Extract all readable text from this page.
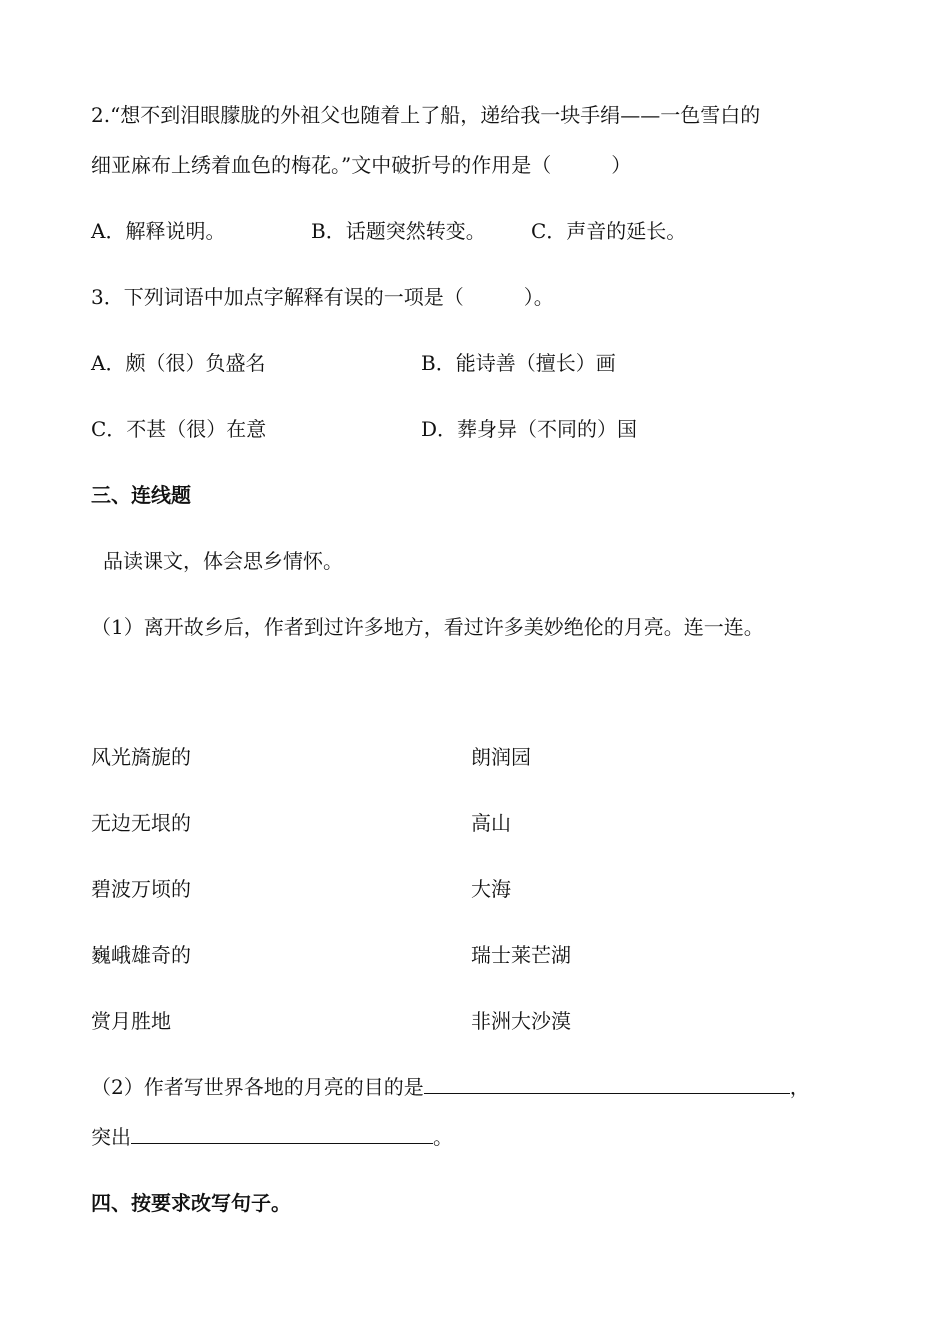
2.“想不到泪眼朦胧的外祖父也随着上了船，递给我一块手绢——一色雪白的
细亚麻布上绣着血色的梅花。”文中破折号的作用是（　　　）
A．解释说明。	B．话题突然转变。 C．声音的延长。
3．下列词语中加点字解释有误的一项是（　　　）。
A．颇（很）负盛名	B．能诗善（擅长）画
C．不甚（很）在意	D．葬身异（不同的）国
三、连线题
品读课文，体会思乡情怀。
（1）离开故乡后，作者到过许多地方，看过许多美妙绝伦的月亮。连一连。
风光旖旎的	朗润园
无边无垠的	高山
碧波万顷的	大海
巍峨雄奇的	瑞士莱芒湖
赏月胜地	非洲大沙漠
（2）作者写世界各地的月亮的目的是	，
突出	。
四、按要求改写句子。
